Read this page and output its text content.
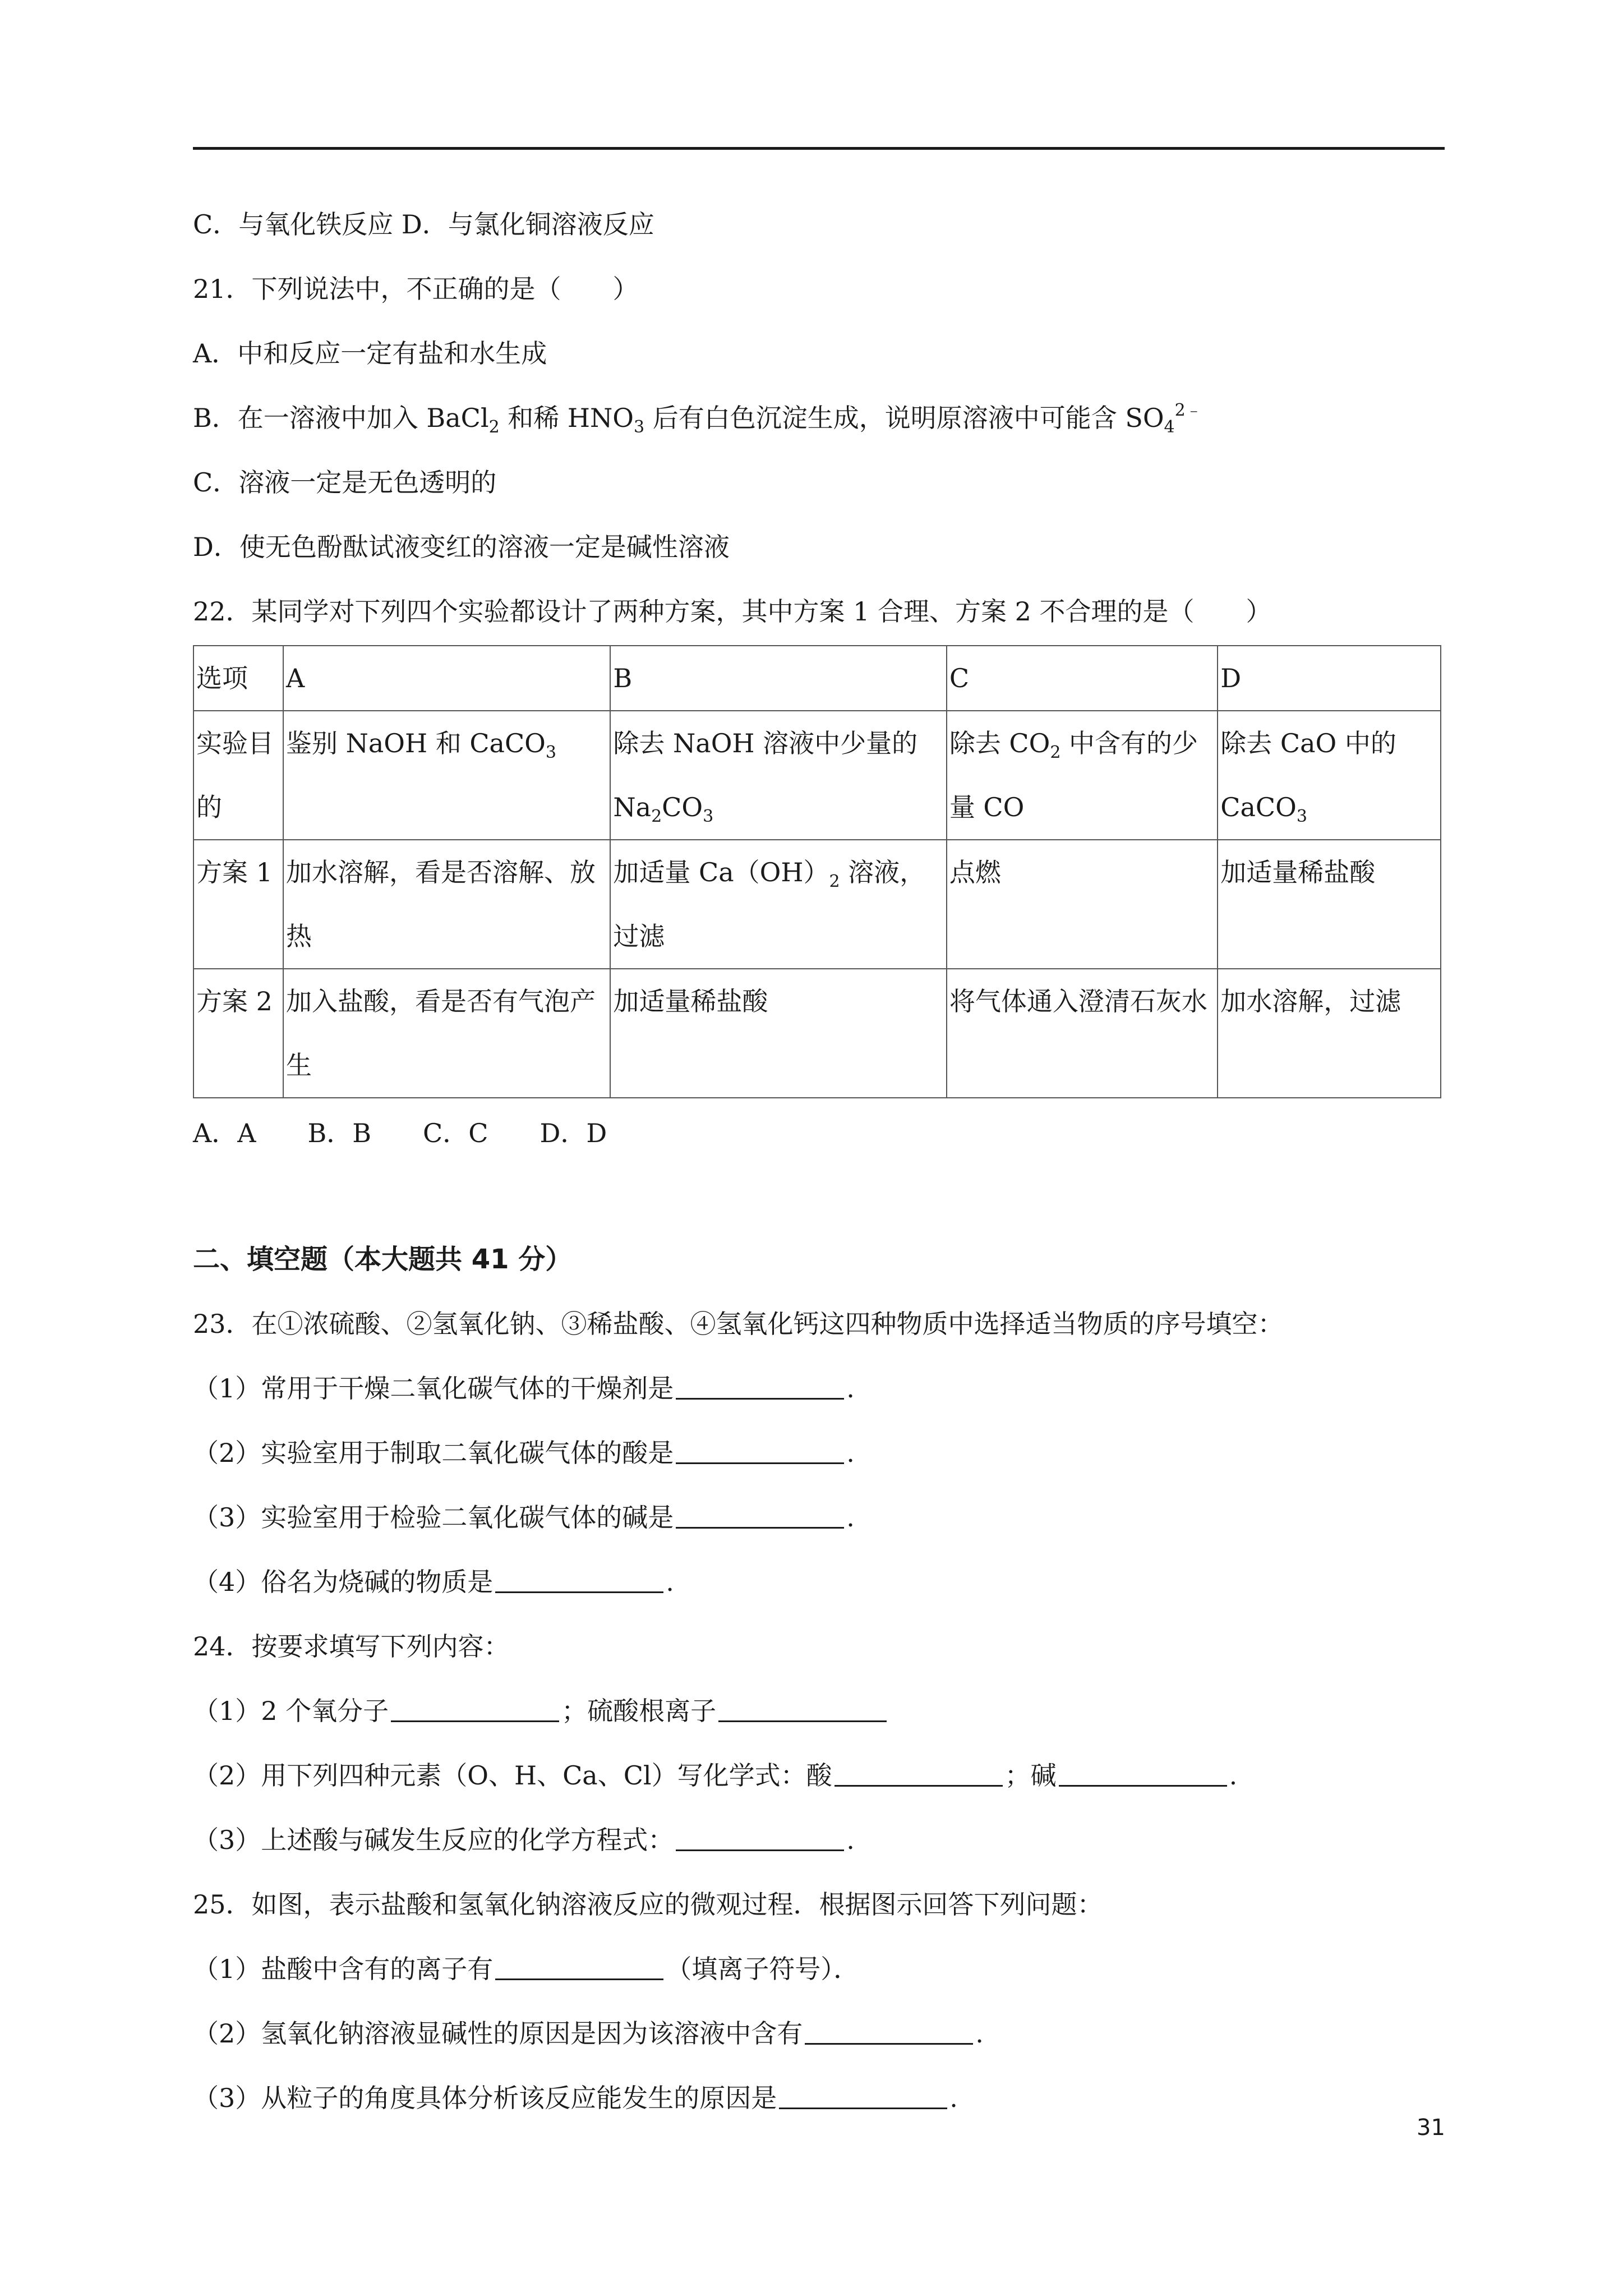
C．与氧化铁反应 D．与氯化铜溶液反应
21．下列说法中，不正确的是（　　）
A．中和反应一定有盐和水生成
B．在一溶液中加入 BaCl$_2$ 和稀 $HNO_3$ 后有白色沉淀生成，说明原溶液中可能含 $SO_4^{2﹣}$
C．溶液一定是无色透明的
D．使无色酚酞试液变红的溶液一定是碱性溶液
22．某同学对下列四个实验都设计了两种方案，其中方案 1 合理、方案 2 不合理的是（　　）
选项	A	B	C	D
实验目的	鉴别 NaOH 和 CaCO$_3$	除去 NaOH 溶液中少量的 $Na_2CO_3$	除去 $CO_2$ 中含有的少量 CO	除去 CaO 中的 CaCO$_3$
方案 1	加水溶解，看是否溶解、放热	加适量 $Ca(OH)_2$ 溶液，过滤	点燃	加适量稀盐酸
方案 2	加入盐酸，看是否有气泡产生	加适量稀盐酸	将气体通入澄清石灰水	加水溶解，过滤
A．A　　B．B　　C．C　　D．D
二、填空题（本大题共 41 分）
23．在①浓硫酸、②氢氧化钠、③稀盐酸、④氢氧化钙这四种物质中选择适当物质的序号填空：
（1）常用于干燥二氧化碳气体的干燥剂是	.
（2）实验室用于制取二氧化碳气体的酸是	.
（3）实验室用于检验二氧化碳气体的碱是	.
（4）俗名为烧碱的物质是	.
24．按要求填写下列内容：
（1）2 个氧分子	；硫酸根离子
（2）用下列四种元素（O、H、Ca、Cl）写化学式：酸	；碱	.
（3）上述酸与碱发生反应的化学方程式：	.
25．如图，表示盐酸和氢氧化钠溶液反应的微观过程．根据图示回答下列问题：
（1）盐酸中含有的离子有	（填离子符号）．
（2）氢氧化钠溶液显碱性的原因是因为该溶液中含有	.
（3）从粒子的角度具体分析该反应能发生的原因是	.
31
